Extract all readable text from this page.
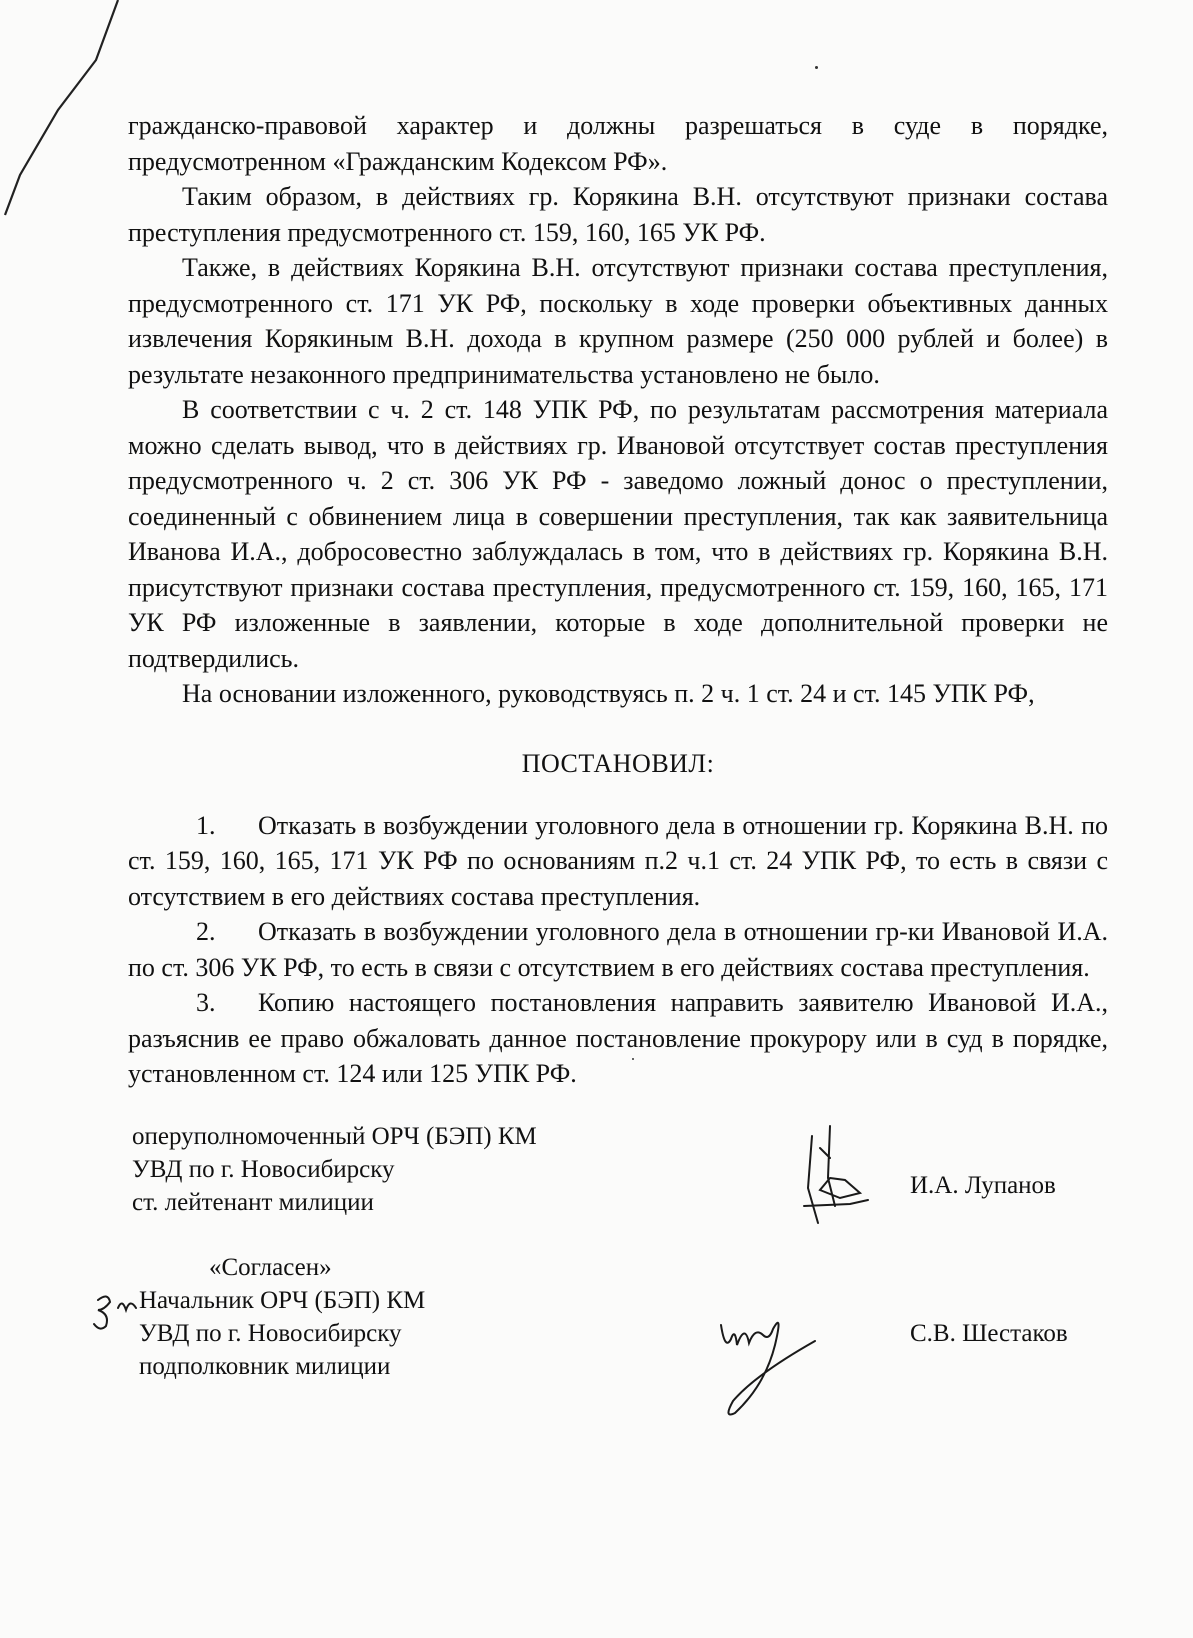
гражданско-правовой характер и должны разрешаться в суде в порядке, предусмотренном «Гражданским Кодексом РФ».

Таким образом, в действиях гр. Корякина В.Н. отсутствуют признаки состава преступления предусмотренного ст. 159, 160, 165 УК РФ.

Также, в действиях Корякина В.Н. отсутствуют признаки состава преступления, предусмотренного ст. 171 УК РФ, поскольку в ходе проверки объективных данных извлечения Корякиным В.Н. дохода в крупном размере (250 000 рублей и более) в результате незаконного предпринимательства установлено не было.

В соответствии с ч. 2 ст. 148 УПК РФ, по результатам рассмотрения материала можно сделать вывод, что в действиях гр. Ивановой отсутствует состав преступления предусмотренного ч. 2 ст. 306 УК РФ - заведомо ложный донос о преступлении, соединенный с обвинением лица в совершении преступления, так как заявительница Иванова И.А., добросовестно заблуждалась в том, что в действиях гр. Корякина В.Н. присутствуют признаки состава преступления, предусмотренного ст. 159, 160, 165, 171 УК РФ изложенные в заявлении, которые в ходе дополнительной проверки не подтвердились.

На основании изложенного, руководствуясь п. 2 ч. 1 ст. 24 и ст. 145 УПК РФ,

ПОСТАНОВИЛ:

1. Отказать в возбуждении уголовного дела в отношении гр. Корякина В.Н. по ст. 159, 160, 165, 171 УК РФ по основаниям п.2 ч.1 ст. 24 УПК РФ, то есть в связи с отсутствием в его действиях состава преступления.

2. Отказать в возбуждении уголовного дела в отношении гр-ки Ивановой И.А. по ст. 306 УК РФ, то есть в связи с отсутствием в его действиях состава преступления.

3. Копию настоящего постановления направить заявителю Ивановой И.А., разъяснив ее право обжаловать данное постановление прокурору или в суд в порядке, установленном ст. 124 или 125 УПК РФ.

оперуполномоченный ОРЧ (БЭП) КМ
УВД по г. Новосибирску
ст. лейтенант милиции
И.А. Лупанов
«Согласен»
Начальник ОРЧ (БЭП) КМ
УВД по г. Новосибирску
подполковник милиции
С.В. Шестаков
